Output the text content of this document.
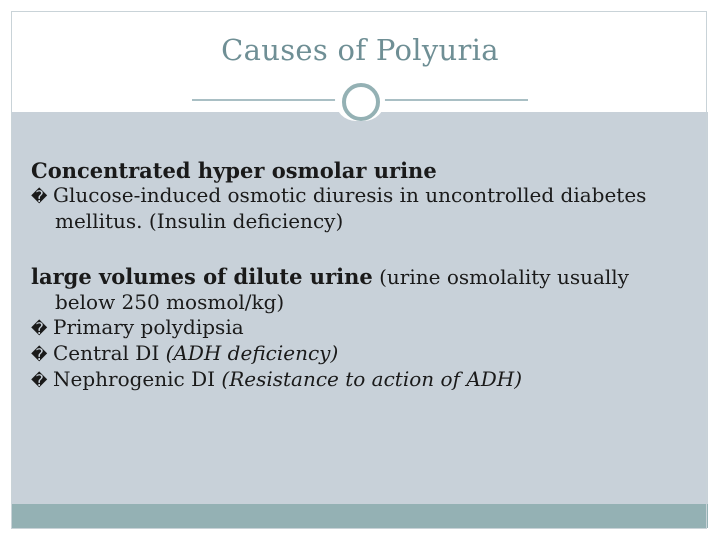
Causes of Polyuria
Concentrated hyper osmolar urine
� Glucose-induced osmotic diuresis in uncontrolled diabetes mellitus. (Insulin deficiency)
large volumes of dilute urine (urine osmolality usually below 250 mosmol/kg)
� Primary polydipsia
� Central DI (ADH deficiency)
� Nephrogenic DI (Resistance to action of ADH)
